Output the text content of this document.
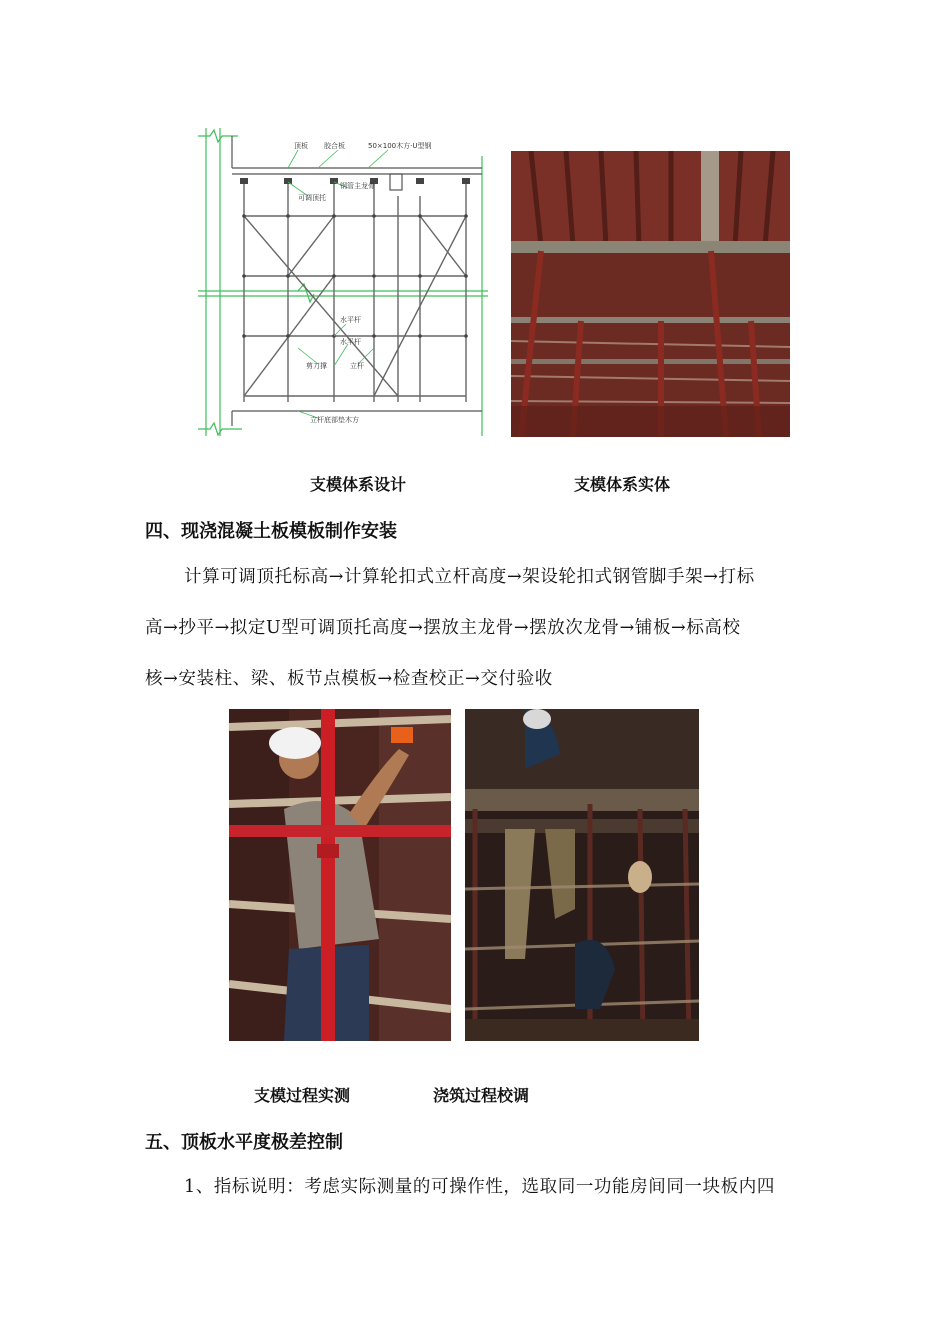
顶板 胶合板	50×100木方·U型钢
可调顶托
钢管主龙骨
水平杆
水平杆
剪刀撑	立杆
立杆底部垫木方
支模体系设计	支模体系实体
四、现浇混凝土板模板制作安装
计算可调顶托标高→计算轮扣式立杆高度→架设轮扣式钢管脚手架→打标
高→抄平→拟定U型可调顶托高度→摆放主龙骨→摆放次龙骨→铺板→标高校
核→安装柱、梁、板节点模板→检查校正→交付验收
支模过程实测	浇筑过程校调
五、顶板水平度极差控制
1、指标说明：考虑实际测量的可操作性，选取同一功能房间同一块板内四
